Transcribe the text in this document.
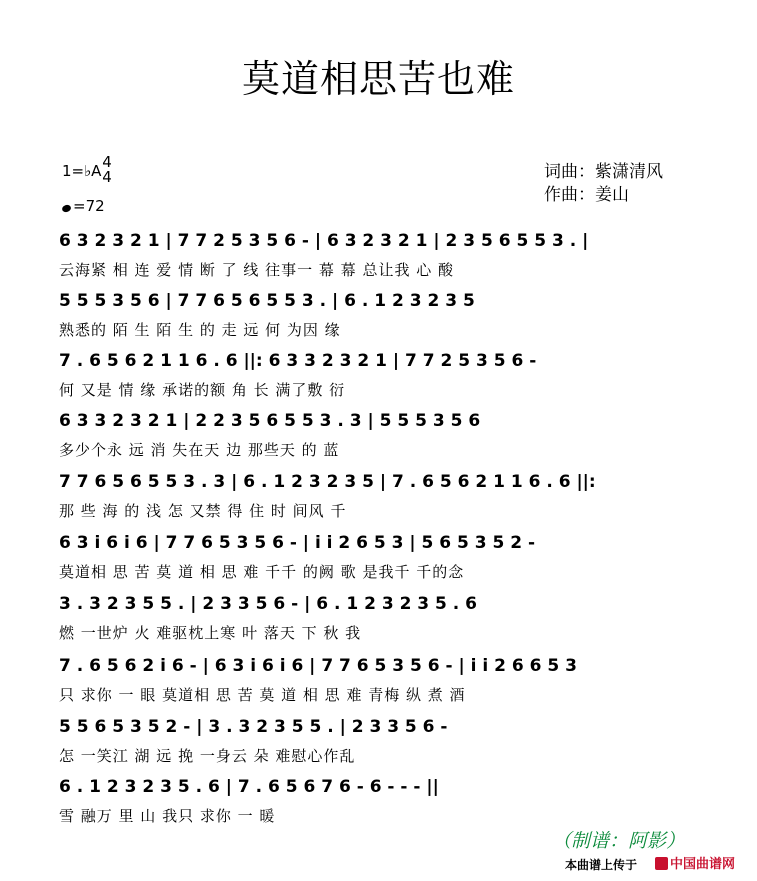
莫道相思苦也难
1=♭A 4
4
=72
词曲：紫潇清风
作曲：姜山
6 3 2 3 2 1 | 7 7 2 5 3 5 6 - | 6 3 2 3 2 1 | 2 3 5 6 5 5 3 . |
云海紧 相 连 爱 情 断 了 线 往事一 幕 幕 总让我 心 酸
5 5 5 3 5 6 | 7 7 6 5 6 5 5 3 . | 6 . 1 2 3 2 3 5
熟悉的 陌 生 陌 生 的 走 远 何 为因 缘
7 . 6 5 6 2 1 1 6 . 6 ||: 6 3 3 2 3 2 1 | 7 7 2 5 3 5 6 -
何 又是 情 缘 承诺的额 角 长 满了敷 衍
6 3 3 2 3 2 1 | 2 2 3 5 6 5 5 3 . 3 | 5 5 5 3 5 6
多少个永 远 消 失在天 边 那些天 的 蓝
7 7 6 5 6 5 5 3 . 3 | 6 . 1 2 3 2 3 5 | 7 . 6 5 6 2 1 1 6 . 6 ||:
那 些 海 的 浅 怎 又禁 得 住 时 间风 千
6 3 i 6 i 6 | 7 7 6 5 3 5 6 - | i i 2 6 5 3 | 5 6 5 3 5 2 -
莫道相 思 苦 莫 道 相 思 难 千千 的阙 歌 是我千 千的念
3 . 3 2 3 5 5 . | 2 3 3 5 6 - | 6 . 1 2 3 2 3 5 . 6
燃 一世炉 火 难驱枕上寒 叶 落天 下 秋 我
7 . 6 5 6 2 i 6 - | 6 3 i 6 i 6 | 7 7 6 5 3 5 6 - | i i 2 6 6 5 3
只 求你 一 眼 莫道相 思 苦 莫 道 相 思 难 青梅 纵 煮 酒
5 5 6 5 3 5 2 - | 3 . 3 2 3 5 5 . | 2 3 3 5 6 -
怎 一笑江 湖 远 挽 一身云 朵 难慰心作乱
6 . 1 2 3 2 3 5 . 6 | 7 . 6 5 6 7 6 - 6 - - - ||
雪 融万 里 山 我只 求你 一 暖
（制谱：阿影）
本曲谱上传于	中国曲谱网
